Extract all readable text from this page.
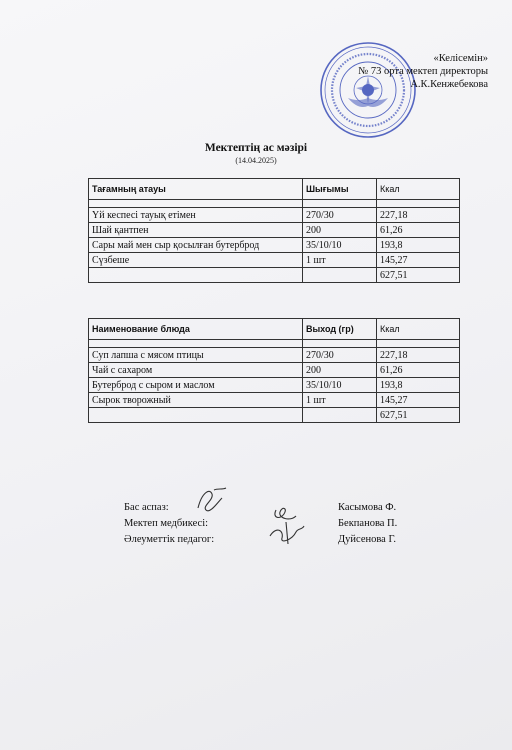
«Келісемін»
№ 73 орта мектеп директоры
А.К.Кенжебекова
Мектептің ас мәзірі
(14.04.2025)
Тағамның атауы	Шығымы	Ккал

Үй кеспесі тауық етімен	270/30	227,18
Шай қантпен	200	61,26
Сары май мен сыр қосылған бутерброд	35/10/10	193,8
Сүзбеше	1 шт	145,27
		627,51
Наименование блюда	Выход (гр)	Ккал

Суп лапша с мясом птицы	270/30	227,18
Чай с сахаром	200	61,26
Бутерброд с сыром и маслом	35/10/10	193,8
Сырок творожный	1 шт	145,27
		627,51
Бас аспаз:	Касымова Ф.
Мектеп медбикесі:	Бекпанова П.
Әлеуметтік педагог:	Дуйсенова Г.
